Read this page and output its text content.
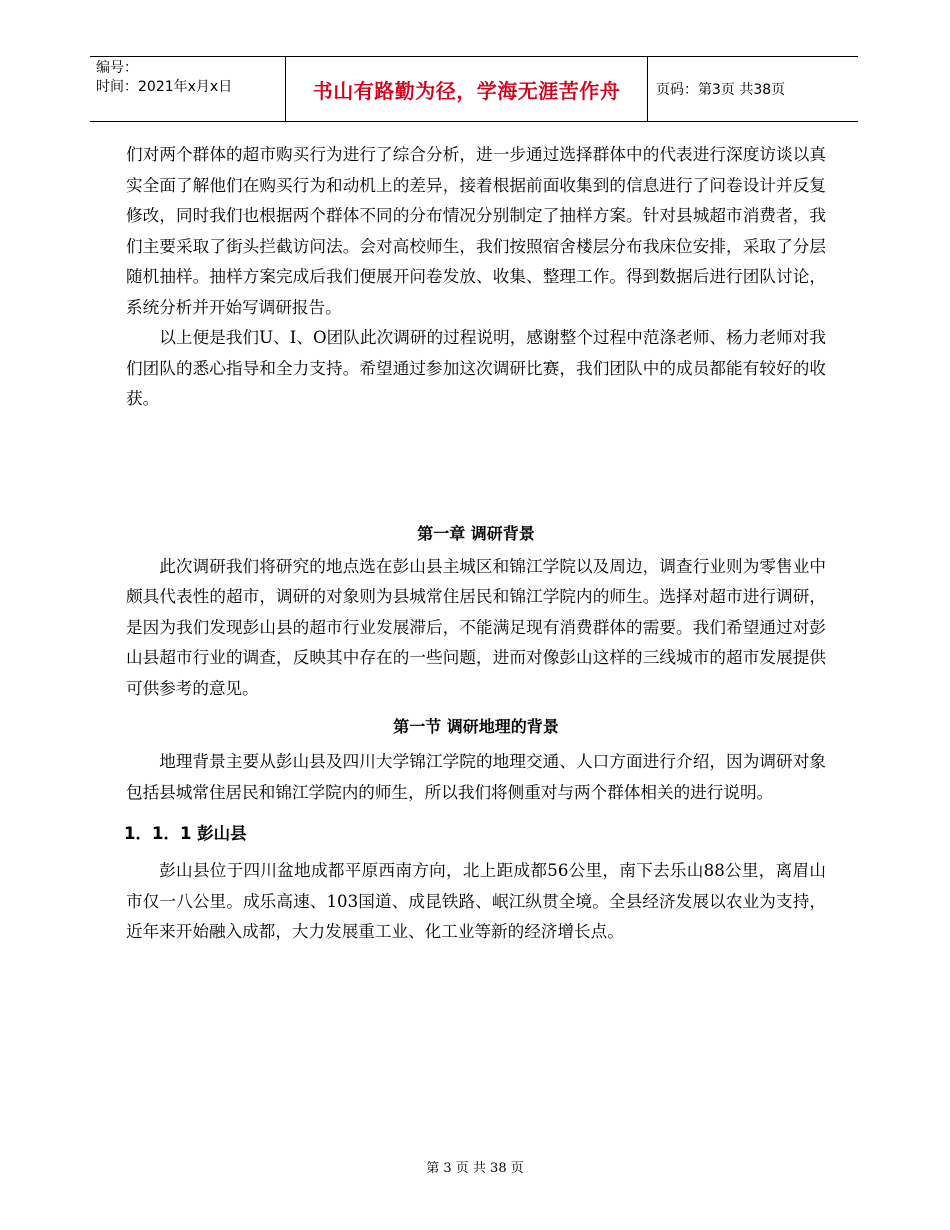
编号：
时间：2021年x月x日	书山有路勤为径，学海无涯苦作舟	页码：第3页 共38页

们对两个群体的超市购买行为进行了综合分析，进一步通过选择群体中的代表进行深度访谈以真实全面了解他们在购买行为和动机上的差异，接着根据前面收集到的信息进行了问卷设计并反复修改，同时我们也根据两个群体不同的分布情况分别制定了抽样方案。针对县城超市消费者，我们主要采取了街头拦截访问法。会对高校师生，我们按照宿舍楼层分布我床位安排，采取了分层随机抽样。抽样方案完成后我们便展开问卷发放、收集、整理工作。得到数据后进行团队讨论，系统分析并开始写调研报告。

以上便是我们U、I、O团队此次调研的过程说明，感谢整个过程中范涤老师、杨力老师对我们团队的悉心指导和全力支持。希望通过参加这次调研比赛，我们团队中的成员都能有较好的收获。

第一章 调研背景

此次调研我们将研究的地点选在彭山县主城区和锦江学院以及周边，调查行业则为零售业中颇具代表性的超市，调研的对象则为县城常住居民和锦江学院内的师生。选择对超市进行调研，是因为我们发现彭山县的超市行业发展滞后，不能满足现有消费群体的需要。我们希望通过对彭山县超市行业的调查，反映其中存在的一些问题，进而对像彭山这样的三线城市的超市发展提供可供参考的意见。

第一节 调研地理的背景

地理背景主要从彭山县及四川大学锦江学院的地理交通、人口方面进行介绍，因为调研对象包括县城常住居民和锦江学院内的师生，所以我们将侧重对与两个群体相关的进行说明。

1．1．1 彭山县

彭山县位于四川盆地成都平原西南方向，北上距成都56公里，南下去乐山88公里，离眉山市仅一八公里。成乐高速、103国道、成昆铁路、岷江纵贯全境。全县经济发展以农业为支持，近年来开始融入成都，大力发展重工业、化工业等新的经济增长点。

第 3 页 共 38 页
